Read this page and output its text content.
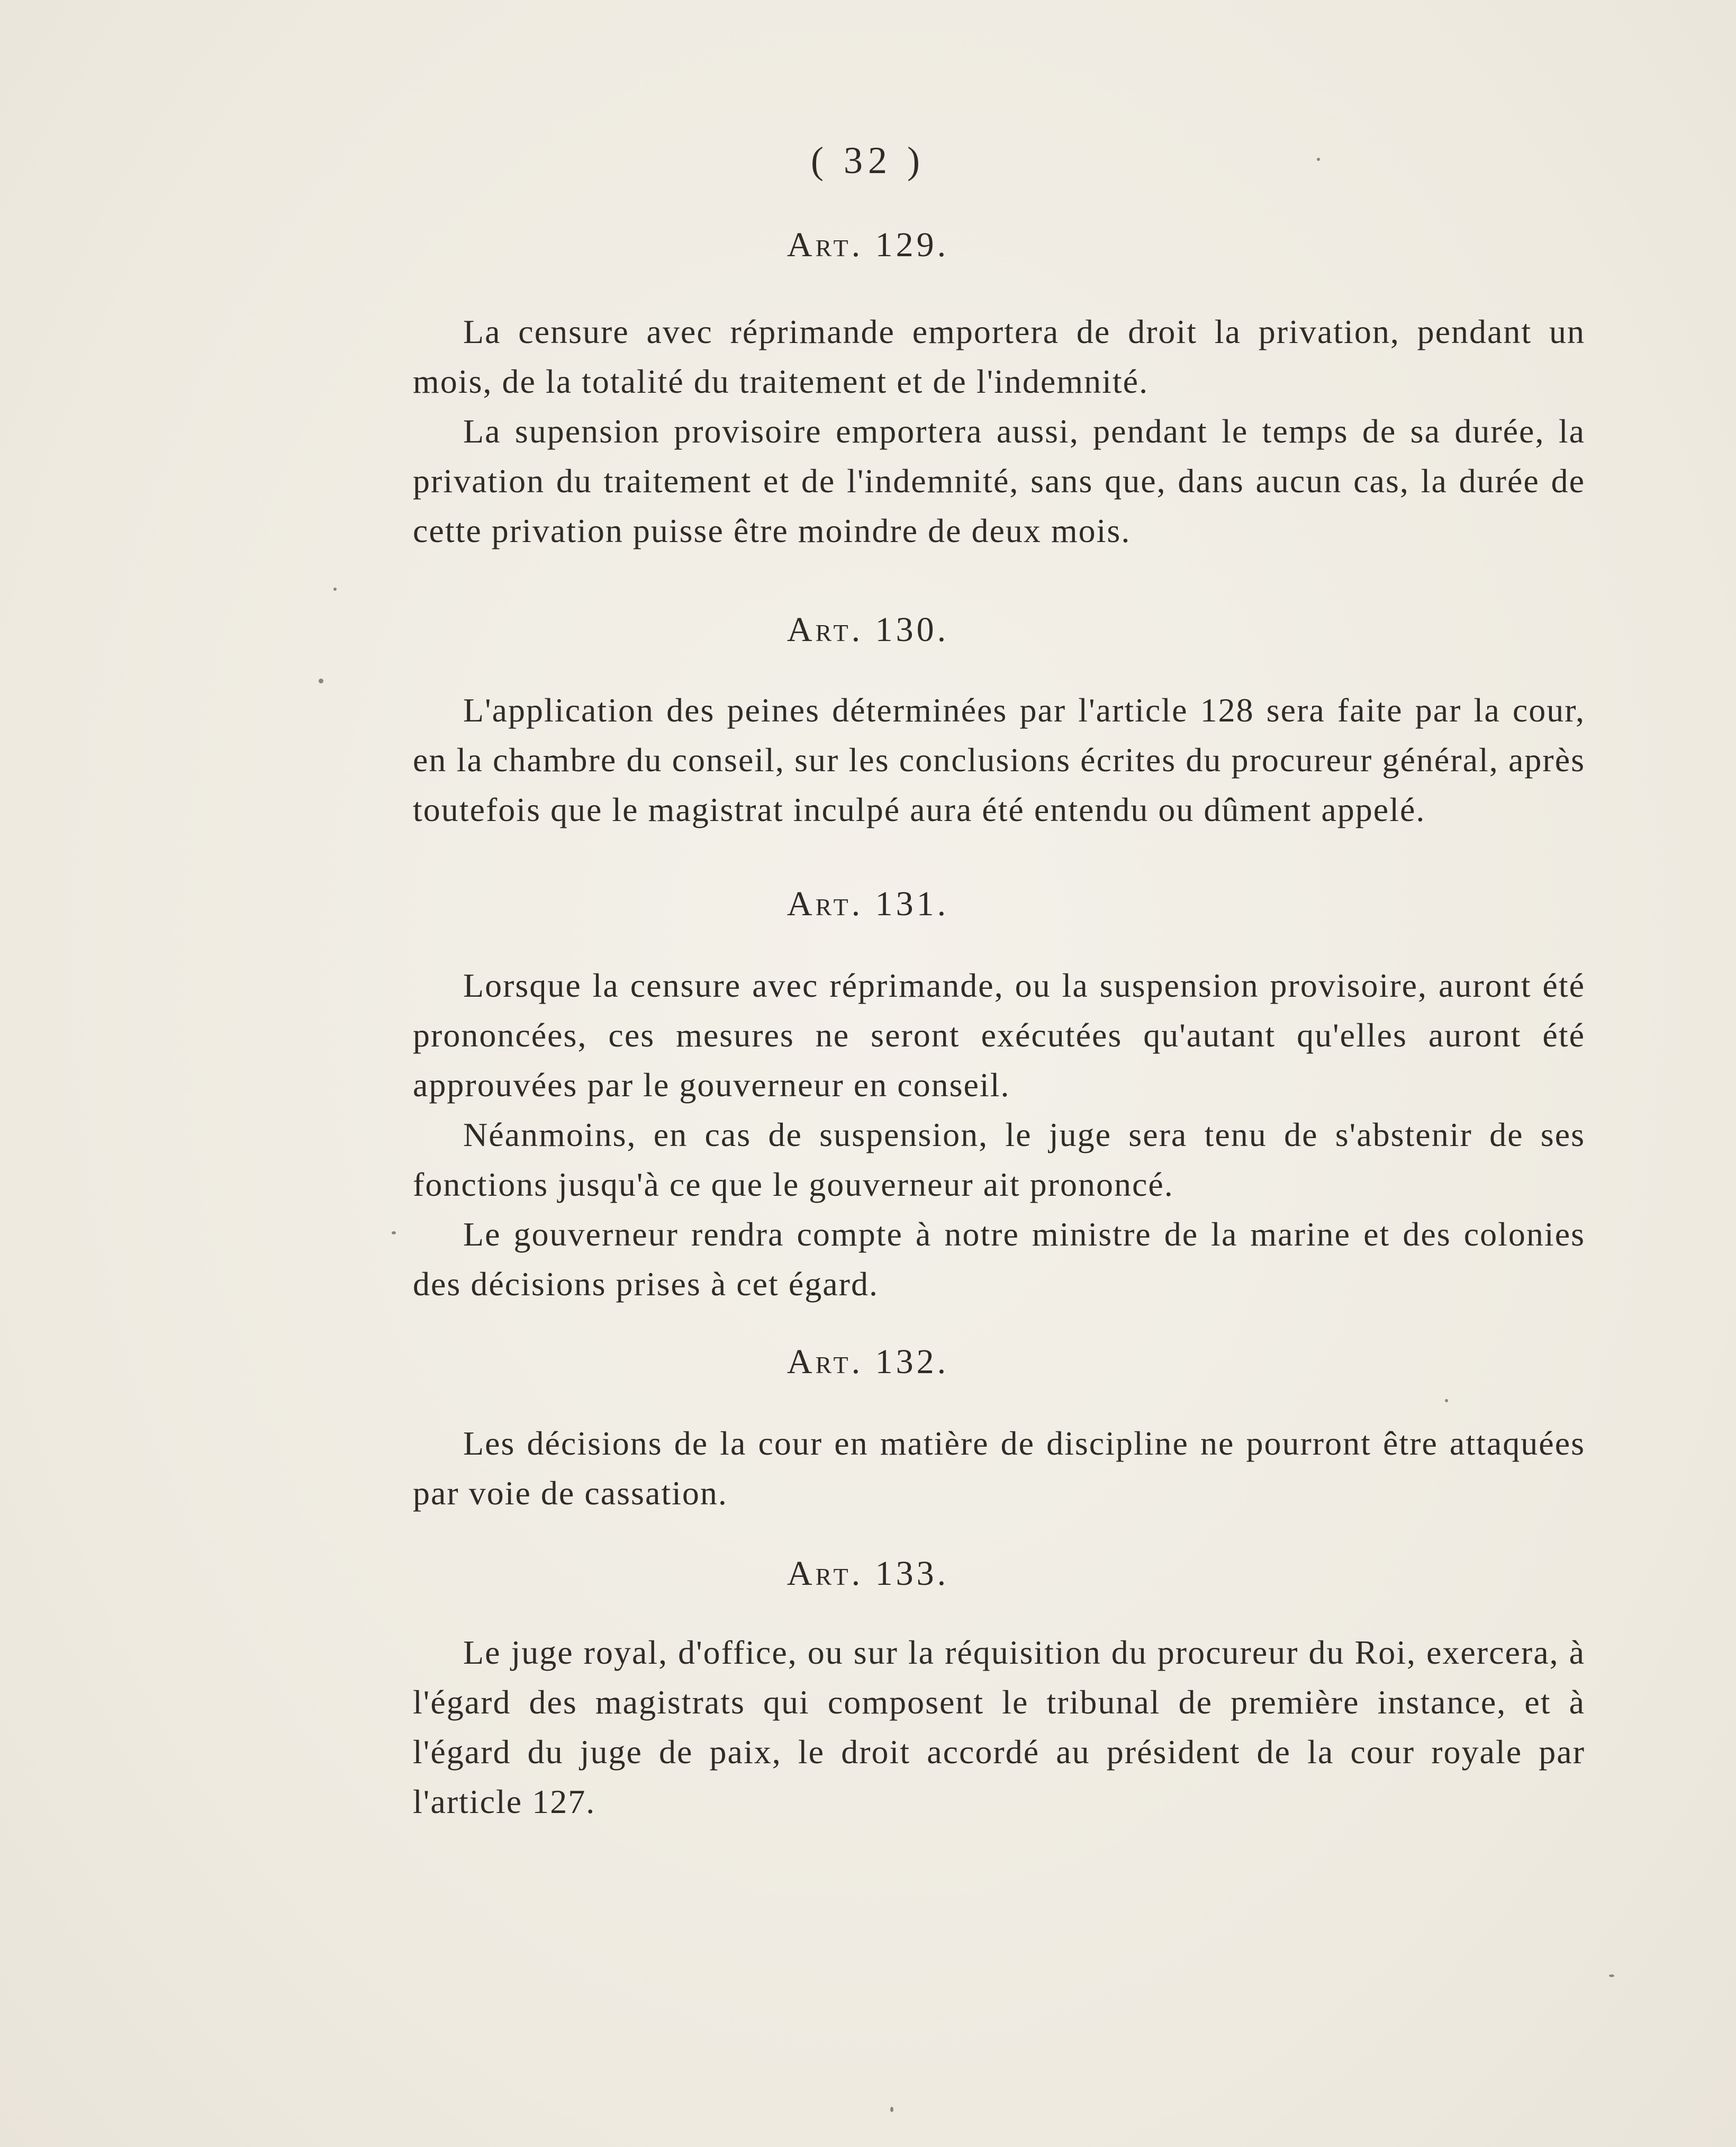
( 32 )
Art. 129.

La censure avec réprimande emportera de droit la privation, pendant un mois, de la totalité du traitement et de l'indemnité.

La supension provisoire emportera aussi, pendant le temps de sa durée, la privation du traitement et de l'indemnité, sans que, dans aucun cas, la durée de cette privation puisse être moindre de deux mois.

Art. 130.

L'application des peines déterminées par l'article 128 sera faite par la cour, en la chambre du conseil, sur les conclusions écrites du procureur général, après toutefois que le magistrat inculpé aura été entendu ou dûment appelé.

Art. 131.

Lorsque la censure avec réprimande, ou la suspension provisoire, auront été prononcées, ces mesures ne seront exécutées qu'autant qu'elles auront été approuvées par le gouverneur en conseil.

Néanmoins, en cas de suspension, le juge sera tenu de s'abstenir de ses fonctions jusqu'à ce que le gouverneur ait prononcé.

Le gouverneur rendra compte à notre ministre de la marine et des colonies des décisions prises à cet égard.

Art. 132.

Les décisions de la cour en matière de discipline ne pourront être attaquées par voie de cassation.

Art. 133.

Le juge royal, d'office, ou sur la réquisition du procureur du Roi, exercera, à l'égard des magistrats qui composent le tribunal de première instance, et à l'égard du juge de paix, le droit accordé au président de la cour royale par l'article 127.
